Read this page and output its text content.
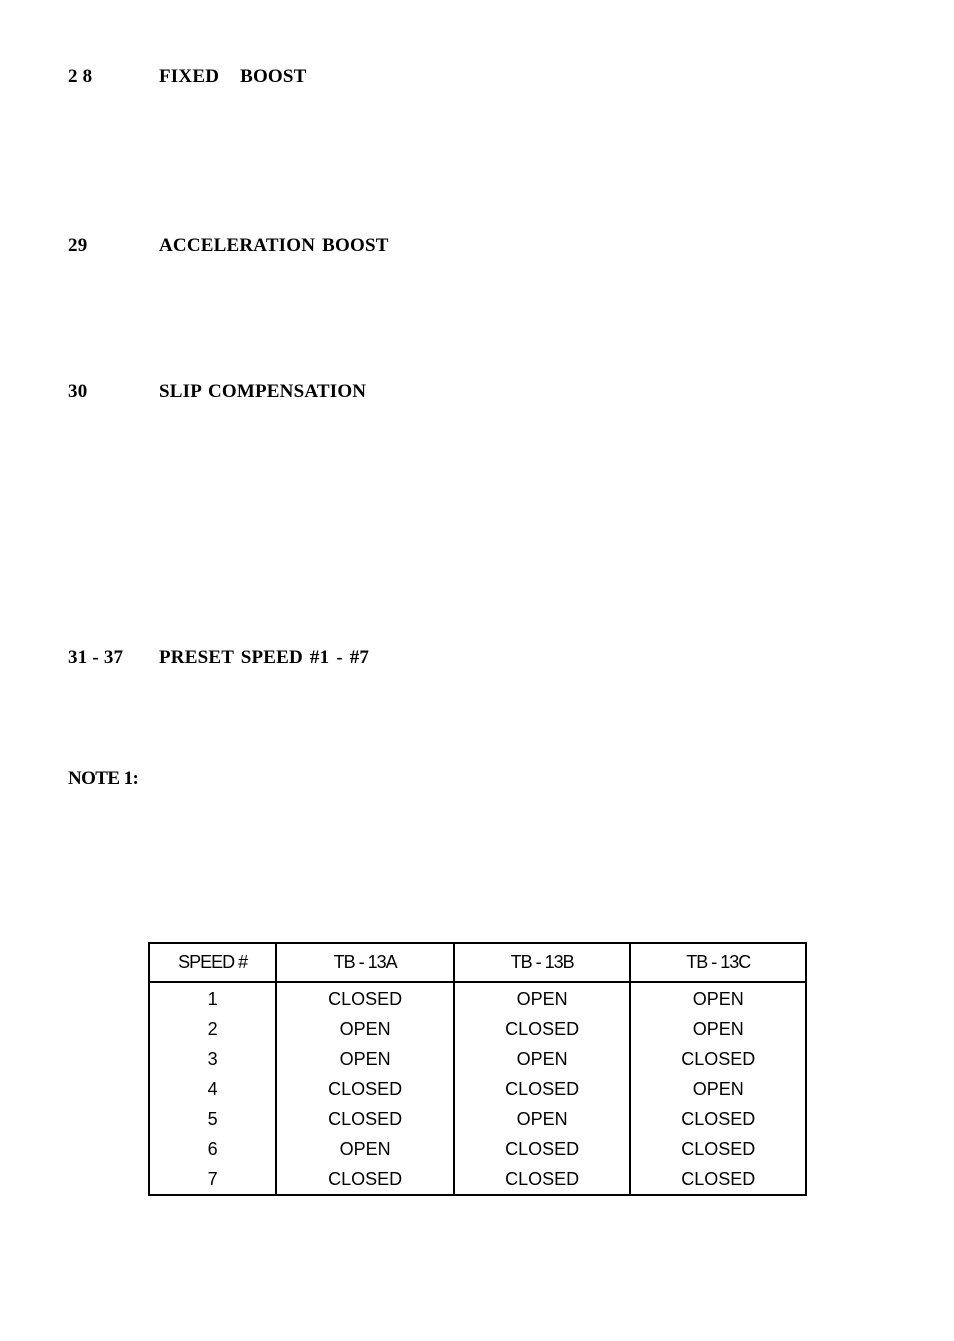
2 8	FIXED BOOST
29	ACCELERATION BOOST
30	SLIP COMPENSATION
31 - 37 PRESET SPEED #1 - #7
NOTE 1:
SPEED #	TB - 13A	TB - 13B	TB - 13C
1	CLOSED	OPEN	OPEN
2	OPEN	CLOSED	OPEN
3	OPEN	OPEN	CLOSED
4	CLOSED	CLOSED	OPEN
5	CLOSED	OPEN	CLOSED
6	OPEN	CLOSED	CLOSED
7	CLOSED	CLOSED	CLOSED
